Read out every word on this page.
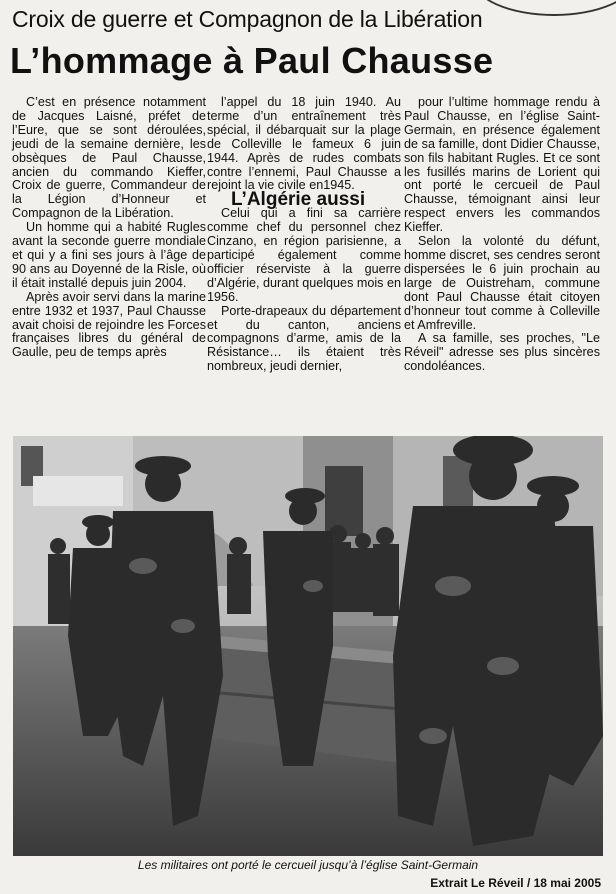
Croix de guerre et Compagnon de la Libération
L’hommage à Paul Chausse

C’est en présence notamment de Jacques Laisné, préfet de l’Eure, que se sont déroulées, jeudi de la semaine dernière, les obsèques de Paul Chausse, ancien du commando Kieffer, Croix de guerre, Commandeur de la Légion d’Honneur et Compagnon de la Libération.

Un homme qui a habité Rugles avant la seconde guerre mondiale et qui y a fini ses jours à l’âge de 90 ans au Doyenné de la Risle, où il était installé depuis juin 2004.

Après avoir servi dans la marine entre 1932 et 1937, Paul Chausse avait choisi de rejoindre les Forces françaises libres du général de Gaulle, peu de temps après

l’appel du 18 juin 1940. Au terme d’un entraînement très spécial, il débarquait sur la plage de Colleville le fameux 6 juin 1944. Après de rudes combats contre l’ennemi, Paul Chausse a rejoint la vie civile en1945.

L’Algérie aussi

Celui qui a fini sa carrière comme chef du personnel chez Cinzano, en région parisienne, a participé également comme officier réserviste à la guerre d’Algérie, durant quelques mois en 1956.

Porte-drapeaux du département et du canton, anciens compagnons d’arme, amis de la Résistance… ils étaient très nombreux, jeudi dernier,

pour l’ultime hommage rendu à Paul Chausse, en l’église Saint-Germain, en présence également de sa famille, dont Didier Chausse, son fils habitant Rugles. Et ce sont les fusillés marins de Lorient qui ont porté le cercueil de Paul Chausse, témoignant ainsi leur respect envers les commandos Kieffer.

Selon la volonté du défunt, homme discret, ses cendres seront dispersées le 6 juin prochain au large de Ouistreham, commune dont Paul Chausse était citoyen d’honneur tout comme à Colleville et Amfreville.

A sa famille, ses proches, "Le Réveil" adresse ses plus sincères condoléances.

Les militaires ont porté le cercueil jusqu’à l’église Saint-Germain
Extrait Le Réveil / 18 mai 2005
